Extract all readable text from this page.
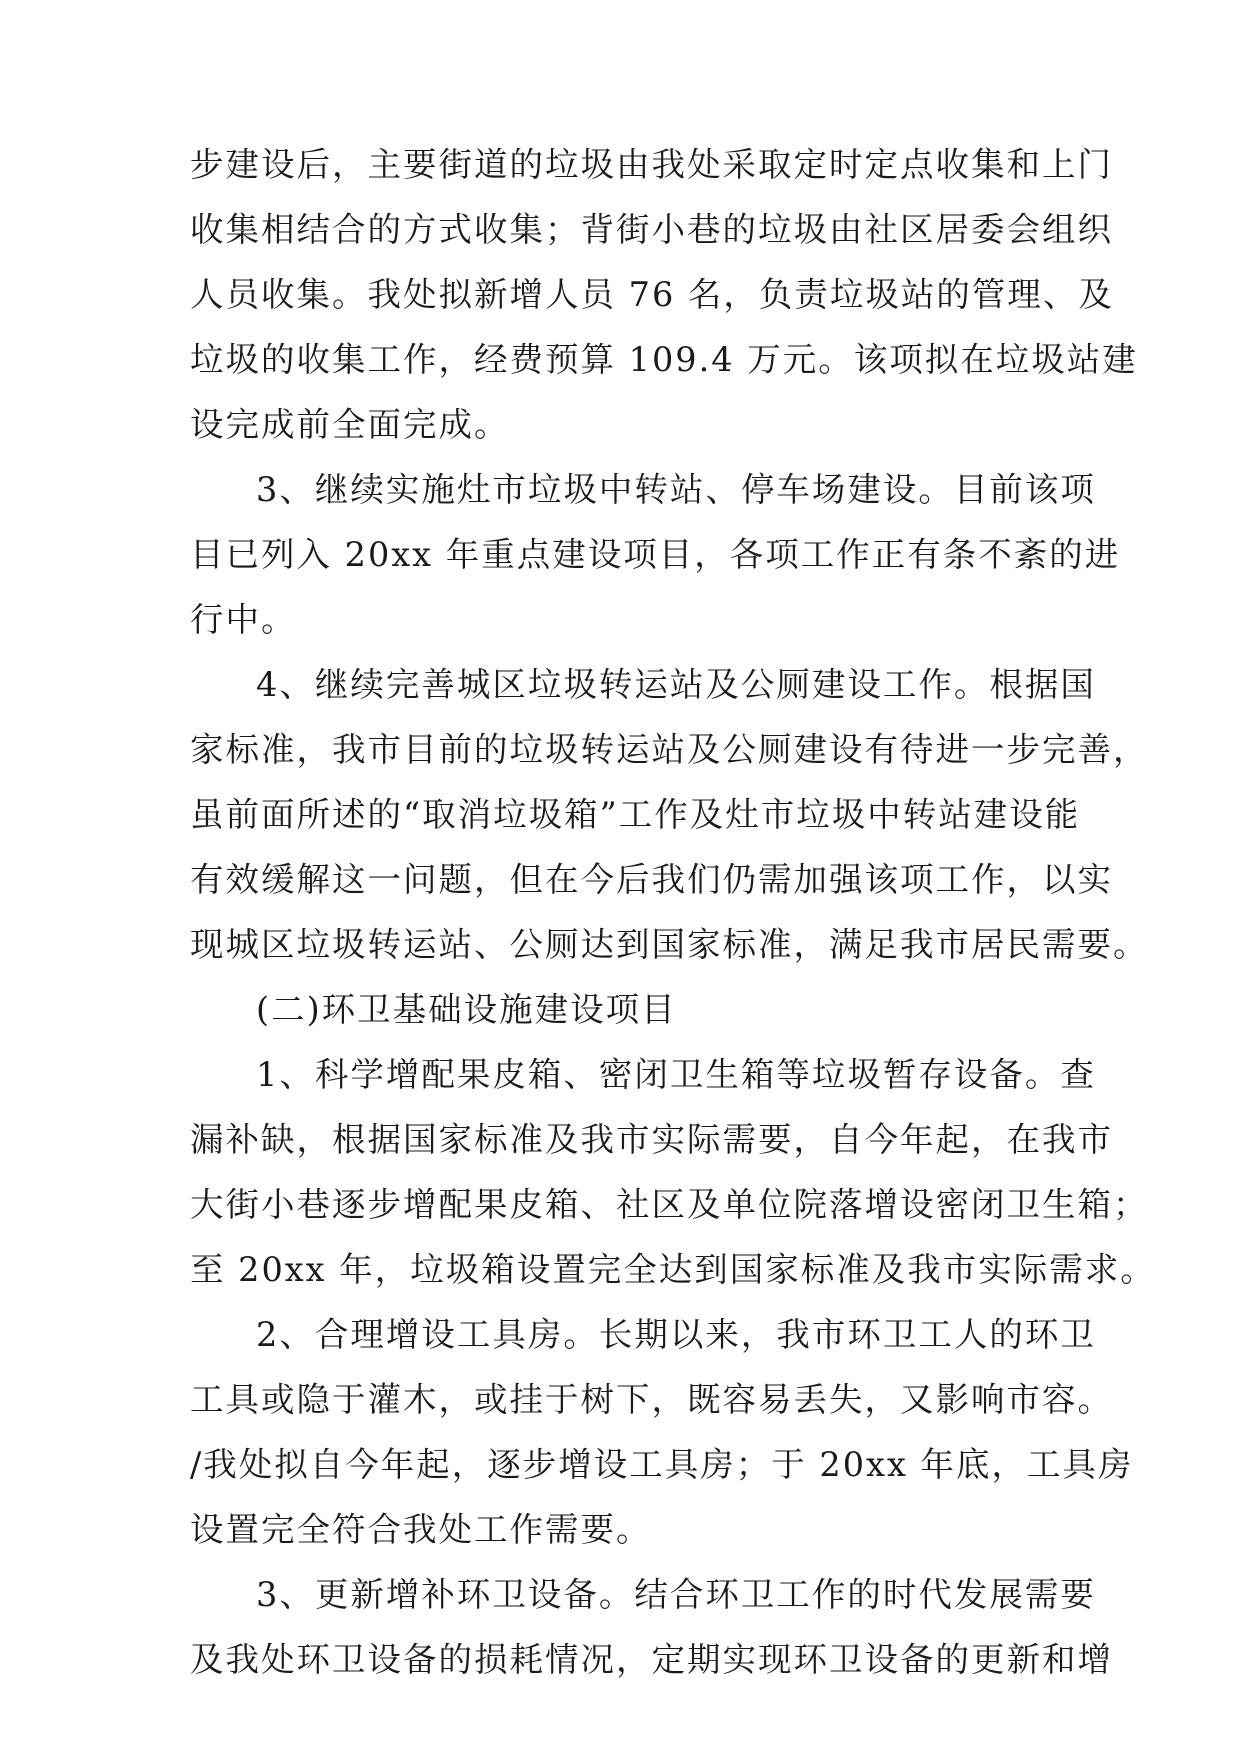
步建设后，主要街道的垃圾由我处采取定时定点收集和上门
收集相结合的方式收集；背街小巷的垃圾由社区居委会组织
人员收集。我处拟新增人员 76 名，负责垃圾站的管理、及
垃圾的收集工作，经费预算 109.4 万元。该项拟在垃圾站建
设完成前全面完成。
3、继续实施灶市垃圾中转站、停车场建设。目前该项
目已列入 20xx 年重点建设项目，各项工作正有条不紊的进
行中。
4、继续完善城区垃圾转运站及公厕建设工作。根据国
家标准，我市目前的垃圾转运站及公厕建设有待进一步完善，
虽前面所述的“取消垃圾箱”工作及灶市垃圾中转站建设能
有效缓解这一问题，但在今后我们仍需加强该项工作，以实
现城区垃圾转运站、公厕达到国家标准，满足我市居民需要。
(二)环卫基础设施建设项目
1、科学增配果皮箱、密闭卫生箱等垃圾暂存设备。查
漏补缺，根据国家标准及我市实际需要，自今年起，在我市
大街小巷逐步增配果皮箱、社区及单位院落增设密闭卫生箱；
至 20xx 年，垃圾箱设置完全达到国家标准及我市实际需求。
2、合理增设工具房。长期以来，我市环卫工人的环卫
工具或隐于灌木，或挂于树下，既容易丢失，又影响市容。
/我处拟自今年起，逐步增设工具房；于 20xx 年底，工具房
设置完全符合我处工作需要。
3、更新增补环卫设备。结合环卫工作的时代发展需要
及我处环卫设备的损耗情况，定期实现环卫设备的更新和增
